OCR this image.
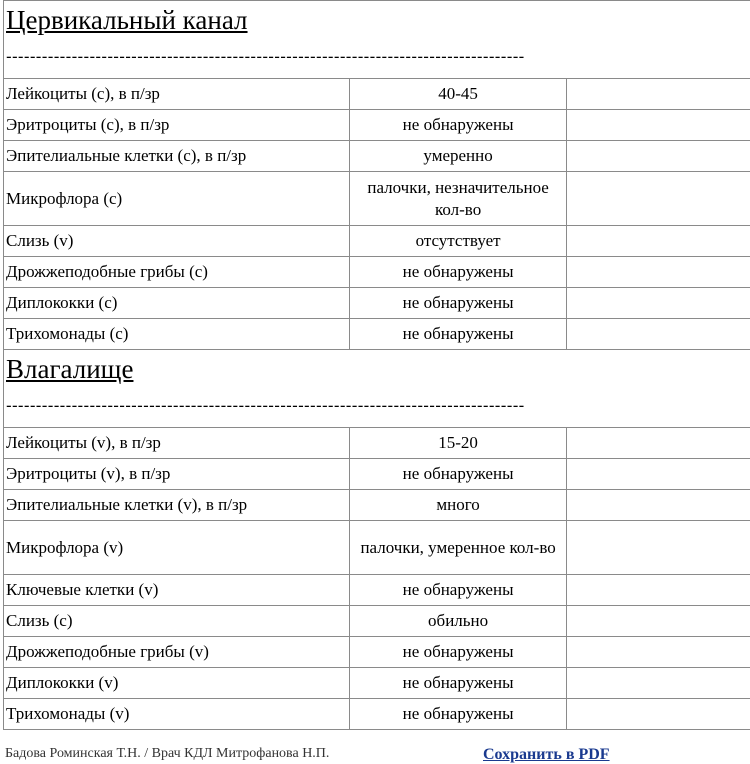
Цервикальный канал
---------------------------------------------------------------------------------------		

Лейкоциты (c), в п/зр	40-45	
Эритроциты (c), в п/зр	не обнаружены	
Эпителиальные клетки (c), в п/зр	умеренно	
Микрофлора (c)	палочки, незначительное кол-во	
Слизь (v)	отсутствует	
Дрожжеподобные грибы (c)	не обнаружены	
Диплококки (c)	не обнаружены	
Трихомонады (c)	не обнаружены	

Влагалище
---------------------------------------------------------------------------------------		

Лейкоциты (v), в п/зр	15-20	
Эритроциты (v), в п/зр	не обнаружены	
Эпителиальные клетки (v), в п/зр	много	
Микрофлора (v)	палочки, умеренное кол-во	
Ключевые клетки (v)	не обнаружены	
Слизь (c)	обильно	
Дрожжеподобные грибы (v)	не обнаружены	
Диплококки (v)	не обнаружены	
Трихомонады (v)	не обнаружены	
Бадова Роминская Т.Н. / Врач КДЛ Митрофанова Н.П.	Сохранить в PDF
